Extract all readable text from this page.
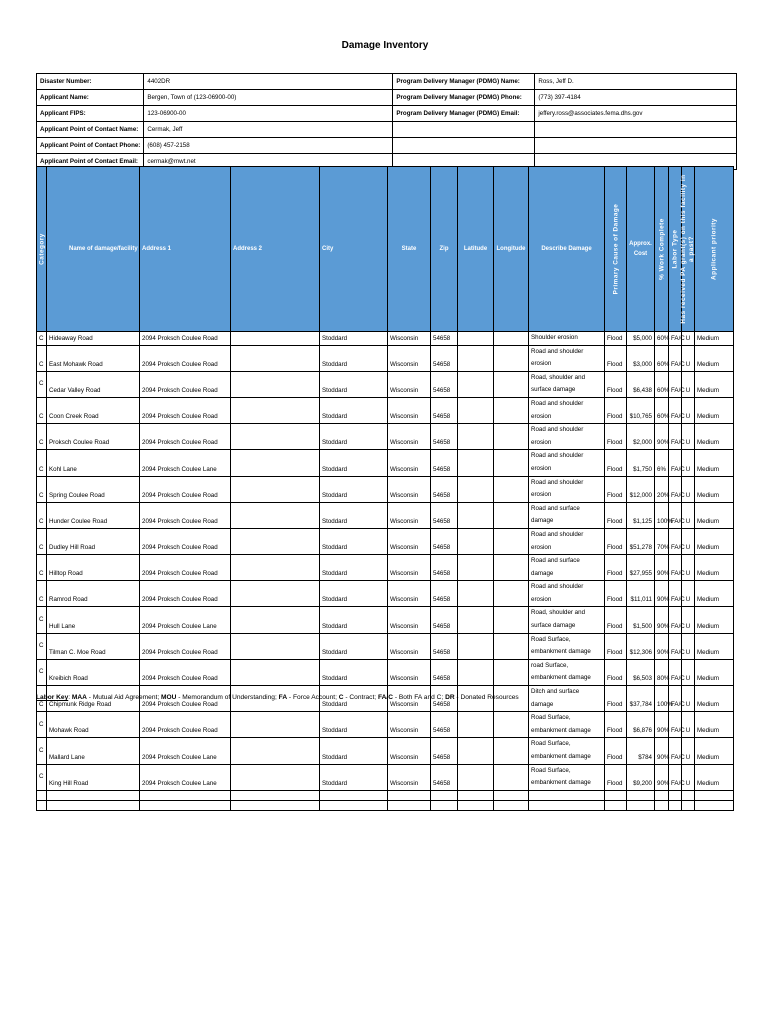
Damage Inventory
Disaster Number:	4402DR	Program Delivery Manager (PDMG) Name:	Ross, Jeff D.
Applicant Name:	Bergen, Town of (123-06900-00)	Program Delivery Manager (PDMG) Phone:	(773) 397-4184
Applicant FIPS:	123-06900-00	Program Delivery Manager (PDMG) Email:	jeffery.ross@associates.fema.dhs.gov
Applicant Point of Contact Name:	Cermak, Jeff		
Applicant Point of Contact Phone:	(608) 457-2158		
Applicant Point of Contact Email:	cermak@mwt.net		
Category	Name of damage/facility	Address 1	Address 2	City	State	Zip	Latitude	Longitude	Describe Damage	Primary Cause of Damage	Approx. Cost	% Work Complete	Labor Type	Has received PA grant(s) on this facility in a past?	Applicant priority

C	Hideaway Road	2094 Proksch Coulee Road		Stoddard	Wisconsin	54658			Shoulder erosion	Flood	$5,000	60%	FA/C	U	Medium
C	East Mohawk Road	2094 Proksch Coulee Road		Stoddard	Wisconsin	54658			Road and shoulder erosion	Flood	$3,000	60%	FA/C	U	Medium
C	Cedar Valley Road	2094 Proksch Coulee Road		Stoddard	Wisconsin	54658			Road, shoulder and surface damage	Flood	$6,438	60%	FA/C	U	Medium
C	Coon Creek Road	2094 Proksch Coulee Road		Stoddard	Wisconsin	54658			Road and shoulder erosion	Flood	$10,765	60%	FA/C	U	Medium
C	Proksch Coulee Road	2094 Proksch Coulee Road		Stoddard	Wisconsin	54658			Road and shoulder erosion	Flood	$2,000	90%	FA/C	U	Medium
C	Kohl Lane	2094 Proksch Coulee Lane		Stoddard	Wisconsin	54658			Road and shoulder erosion	Flood	$1,750	6%	FA/C	U	Medium
C	Spring Coulee Road	2094 Proksch Coulee Road		Stoddard	Wisconsin	54658			Road and shoulder erosion	Flood	$12,000	20%	FA/C	U	Medium
C	Hunder Coulee Road	2094 Proksch Coulee Road		Stoddard	Wisconsin	54658			Road and surface damage	Flood	$1,125	100%	FA/C	U	Medium
C	Dudley Hill Road	2094 Proksch Coulee Road		Stoddard	Wisconsin	54658			Road and shoulder erosion	Flood	$51,278	70%	FA/C	U	Medium
C	Hilltop Road	2094 Proksch Coulee Road		Stoddard	Wisconsin	54658			Road and surface damage	Flood	$27,955	90%	FA/C	U	Medium
C	Ramrod Road	2094 Proksch Coulee Road		Stoddard	Wisconsin	54658			Road and shoulder erosion	Flood	$11,011	90%	FA/C	U	Medium
C	Hull Lane	2094 Proksch Coulee Lane		Stoddard	Wisconsin	54658			Road, shoulder and surface damage	Flood	$1,500	90%	FA/C	U	Medium
C	Tilman C. Moe Road	2094 Proksch Coulee Road		Stoddard	Wisconsin	54658			Road Surface, embankment damage	Flood	$12,306	90%	FA/C	U	Medium
C	Kreibich Road	2094 Proksch Coulee Road		Stoddard	Wisconsin	54658			road Surface, embankment damage	Flood	$6,503	80%	FA/C	U	Medium
C	Chipmunk Ridge Road	2094 Proksch Coulee Road		Stoddard	Wisconsin	54658			Ditch and surface damage	Flood	$37,784	100%	FA/C	U	Medium
C	Mohawk Road	2094 Proksch Coulee Road		Stoddard	Wisconsin	54658			Road Surface, embankment damage	Flood	$6,876	90%	FA/C	U	Medium
C	Mallard Lane	2094 Proksch Coulee Lane		Stoddard	Wisconsin	54658			Road Surface, embankment damage	Flood	$784	90%	FA/C	U	Medium
C	King Hill Road	2094 Proksch Coulee Lane		Stoddard	Wisconsin	54658			Road Surface, embankment damage	Flood	$9,200	90%	FA/C	U	Medium

Labor Key: MAA - Mutual Aid Agreement; MOU - Memorandum of Understanding; FA - Force Account; C - Contract; FA/C - Both FA and C; DR - Donated Resources
